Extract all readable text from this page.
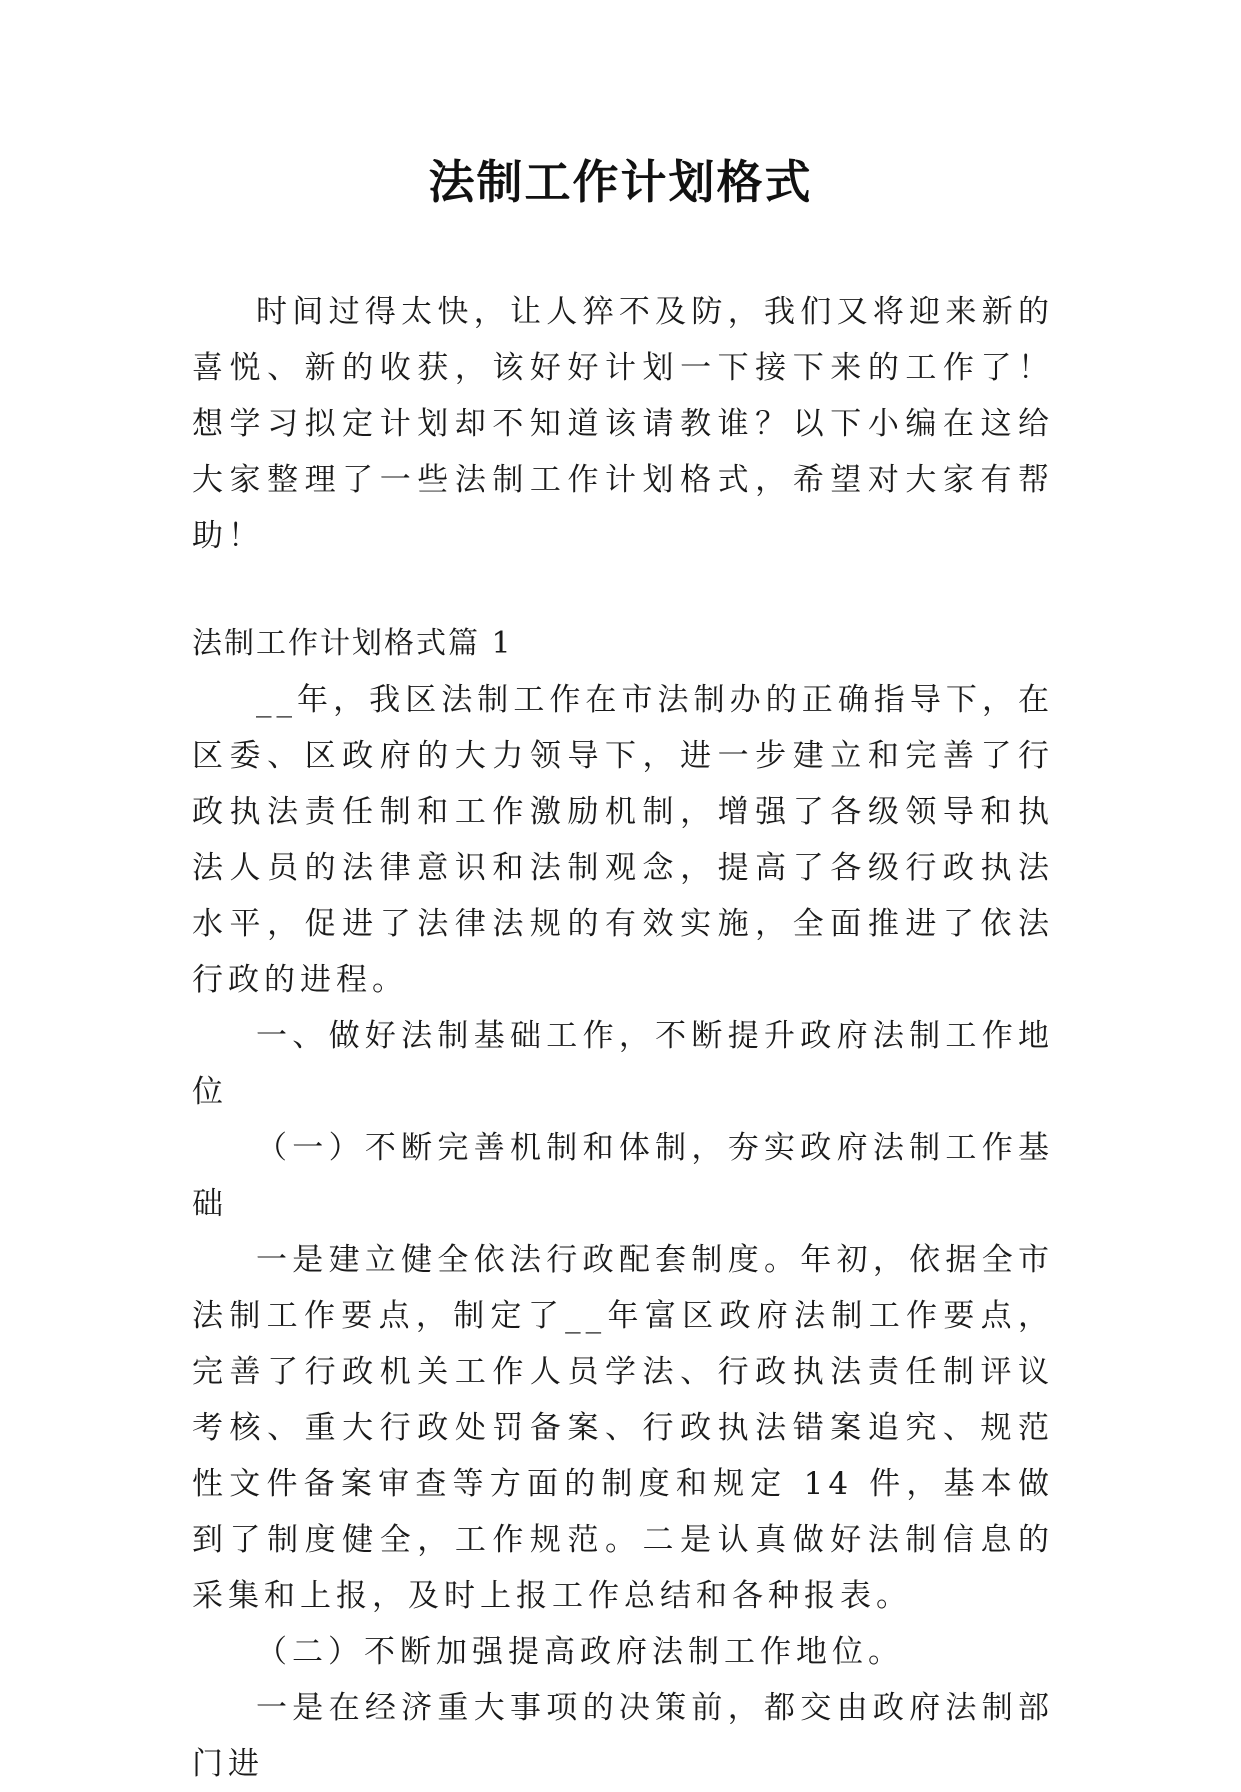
法制工作计划格式

时间过得太快，让人猝不及防，我们又将迎来新的喜悦、新的收获，该好好计划一下接下来的工作了！想学习拟定计划却不知道该请教谁？以下小编在这给大家整理了一些法制工作计划格式，希望对大家有帮助！

法制工作计划格式篇 1

__年，我区法制工作在市法制办的正确指导下，在区委、区政府的大力领导下，进一步建立和完善了行政执法责任制和工作激励机制，增强了各级领导和执法人员的法律意识和法制观念，提高了各级行政执法水平，促进了法律法规的有效实施，全面推进了依法行政的进程。

一、做好法制基础工作，不断提升政府法制工作地位

（一）不断完善机制和体制，夯实政府法制工作基础

一是建立健全依法行政配套制度。年初，依据全市法制工作要点，制定了__年富区政府法制工作要点，完善了行政机关工作人员学法、行政执法责任制评议考核、重大行政处罚备案、行政执法错案追究、规范性文件备案审查等方面的制度和规定 14 件，基本做到了制度健全，工作规范。二是认真做好法制信息的采集和上报，及时上报工作总结和各种报表。

（二）不断加强提高政府法制工作地位。

一是在经济重大事项的决策前，都交由政府法制部门进
